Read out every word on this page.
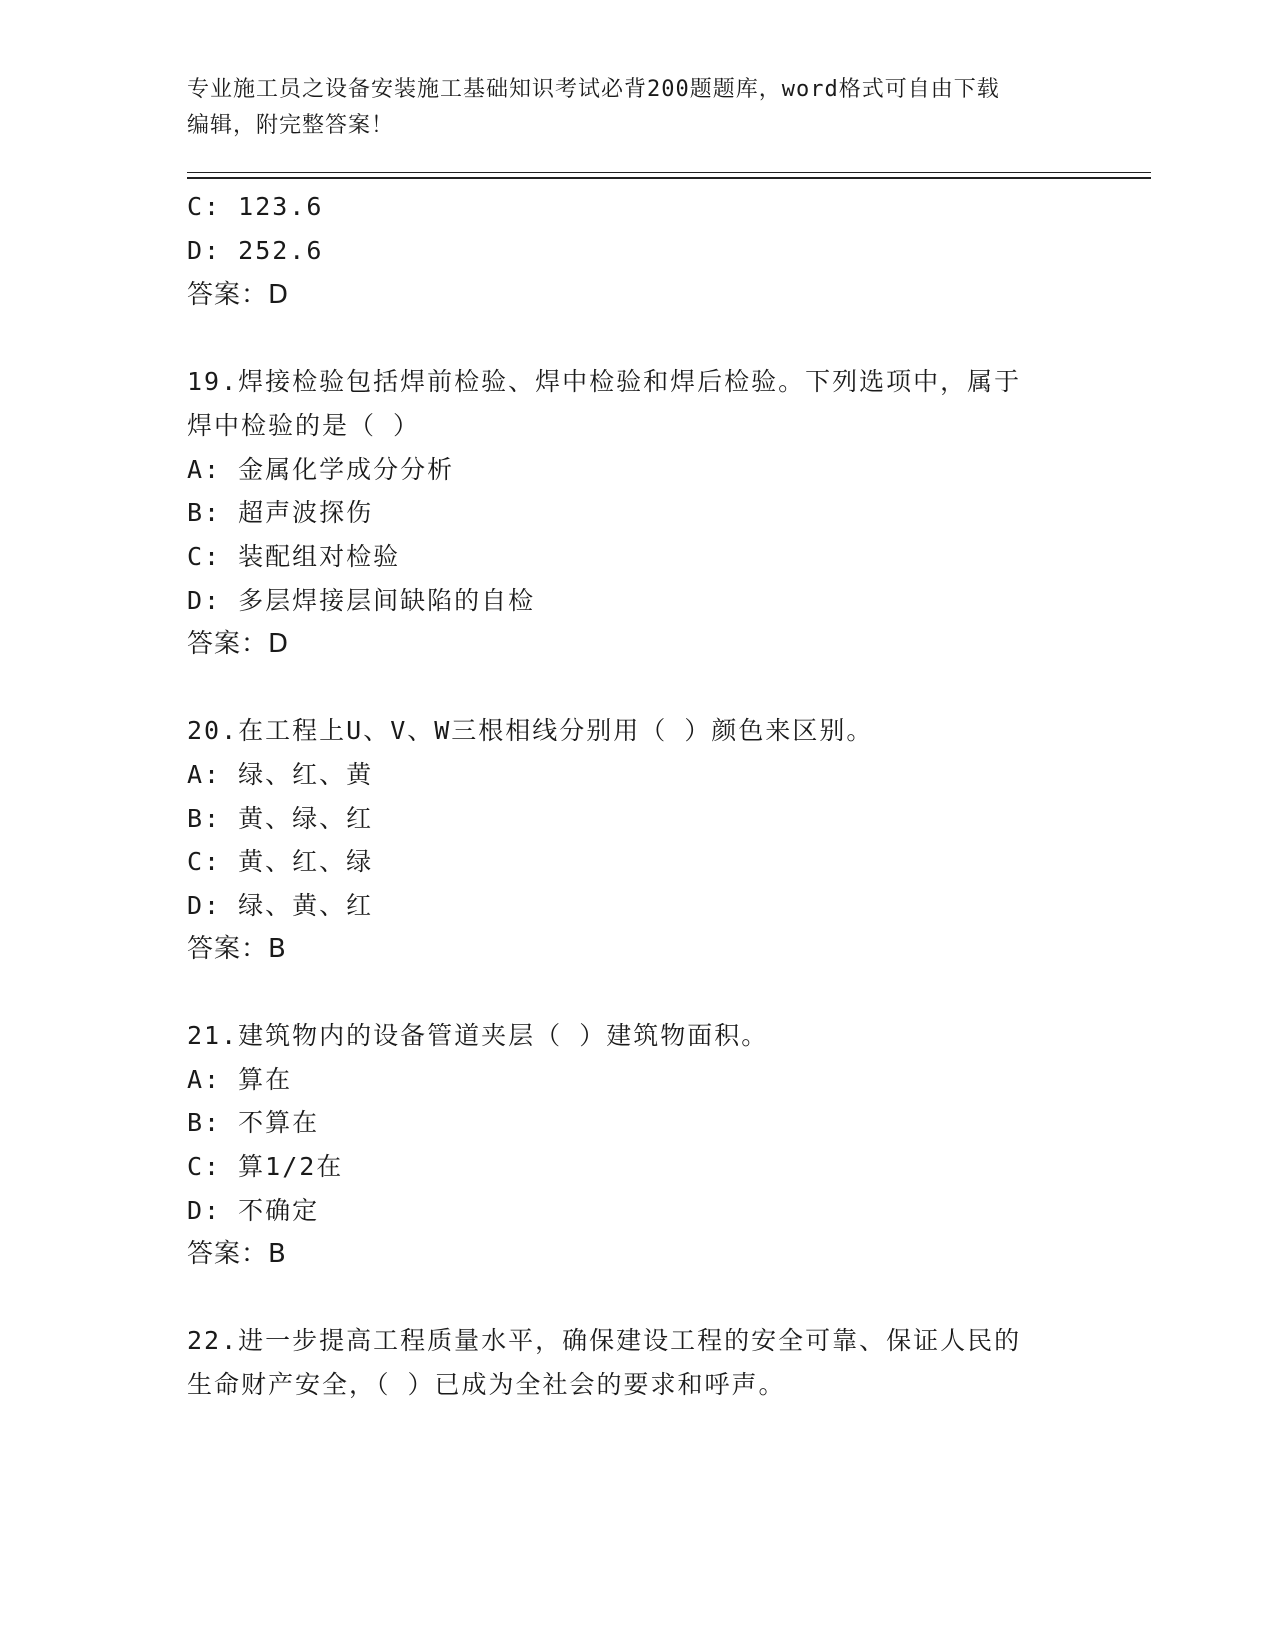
专业施工员之设备安装施工基础知识考试必背200题题库，word格式可自由下载
编辑，附完整答案！
C: 123.6
D: 252.6
答案：D
19.焊接检验包括焊前检验、焊中检验和焊后检验。下列选项中，属于
焊中检验的是（ ）
A: 金属化学成分分析
B: 超声波探伤
C: 装配组对检验
D: 多层焊接层间缺陷的自检
答案：D
20.在工程上U、V、W三根相线分别用（ ）颜色来区别。
A: 绿、红、黄
B: 黄、绿、红
C: 黄、红、绿
D: 绿、黄、红
答案：B
21.建筑物内的设备管道夹层（ ）建筑物面积。
A: 算在
B: 不算在
C: 算1/2在
D: 不确定
答案：B
22.进一步提高工程质量水平，确保建设工程的安全可靠、保证人民的
生命财产安全，（ ）已成为全社会的要求和呼声。
